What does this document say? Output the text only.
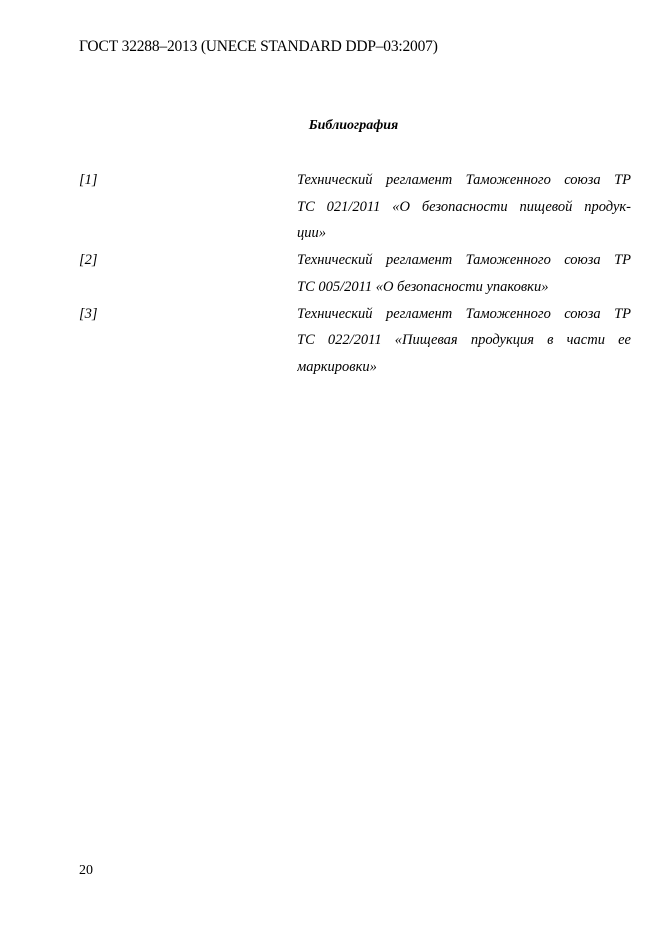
ГОСТ 32288–2013 (UNECE STANDARD DDP–03:2007)
Библиография
[1]	Технический регламент Таможенного союза ТР
ТС 021/2011 «О безопасности пищевой продук-
ции»
[2]	Технический регламент Таможенного союза ТР
ТС 005/2011 «О безопасности упаковки»
[3]	Технический регламент Таможенного союза ТР
ТС 022/2011 «Пищевая продукция в части ее
маркировки»
20
